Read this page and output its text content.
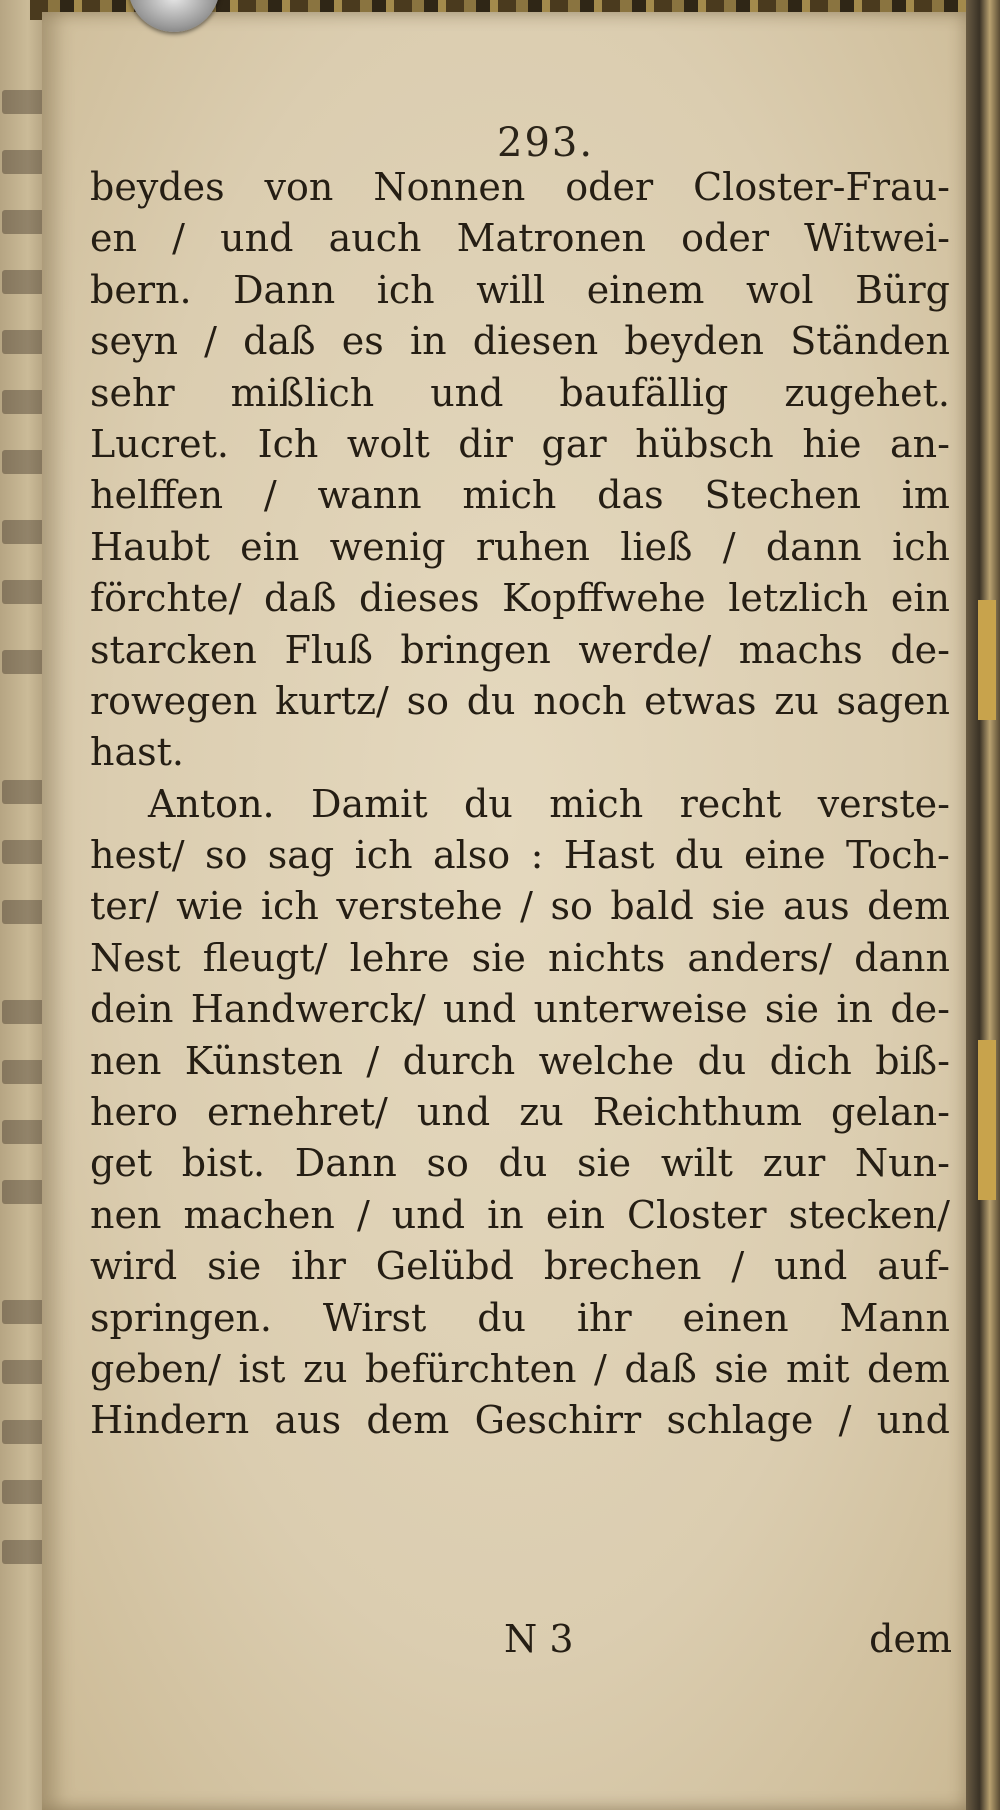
293.
beydes von Nonnen oder Closter-Frau-
en / und auch Matronen oder Witwei-
bern. Dann ich will einem wol Bürg
seyn / daß es in diesen beyden Ständen
sehr mißlich und baufällig zugehet.
Lucret. Ich wolt dir gar hübsch hie an-
helffen / wann mich das Stechen im
Haubt ein wenig ruhen ließ / dann ich
förchte/ daß dieses Kopffwehe letzlich ein
starcken Fluß bringen werde/ machs de-
rowegen kurtz/ so du noch etwas zu sagen
hast.
Anton. Damit du mich recht verste-
hest/ so sag ich also : Hast du eine Toch-
ter/ wie ich verstehe / so bald sie aus dem
Nest fleugt/ lehre sie nichts anders/ dann
dein Handwerck/ und unterweise sie in de-
nen Künsten / durch welche du dich biß-
hero ernehret/ und zu Reichthum gelan-
get bist. Dann so du sie wilt zur Nun-
nen machen / und in ein Closter stecken/
wird sie ihr Gelübd brechen / und auf-
springen. Wirst du ihr einen Mann
geben/ ist zu befürchten / daß sie mit dem
Hindern aus dem Geschirr schlage / und
N 3	dem
